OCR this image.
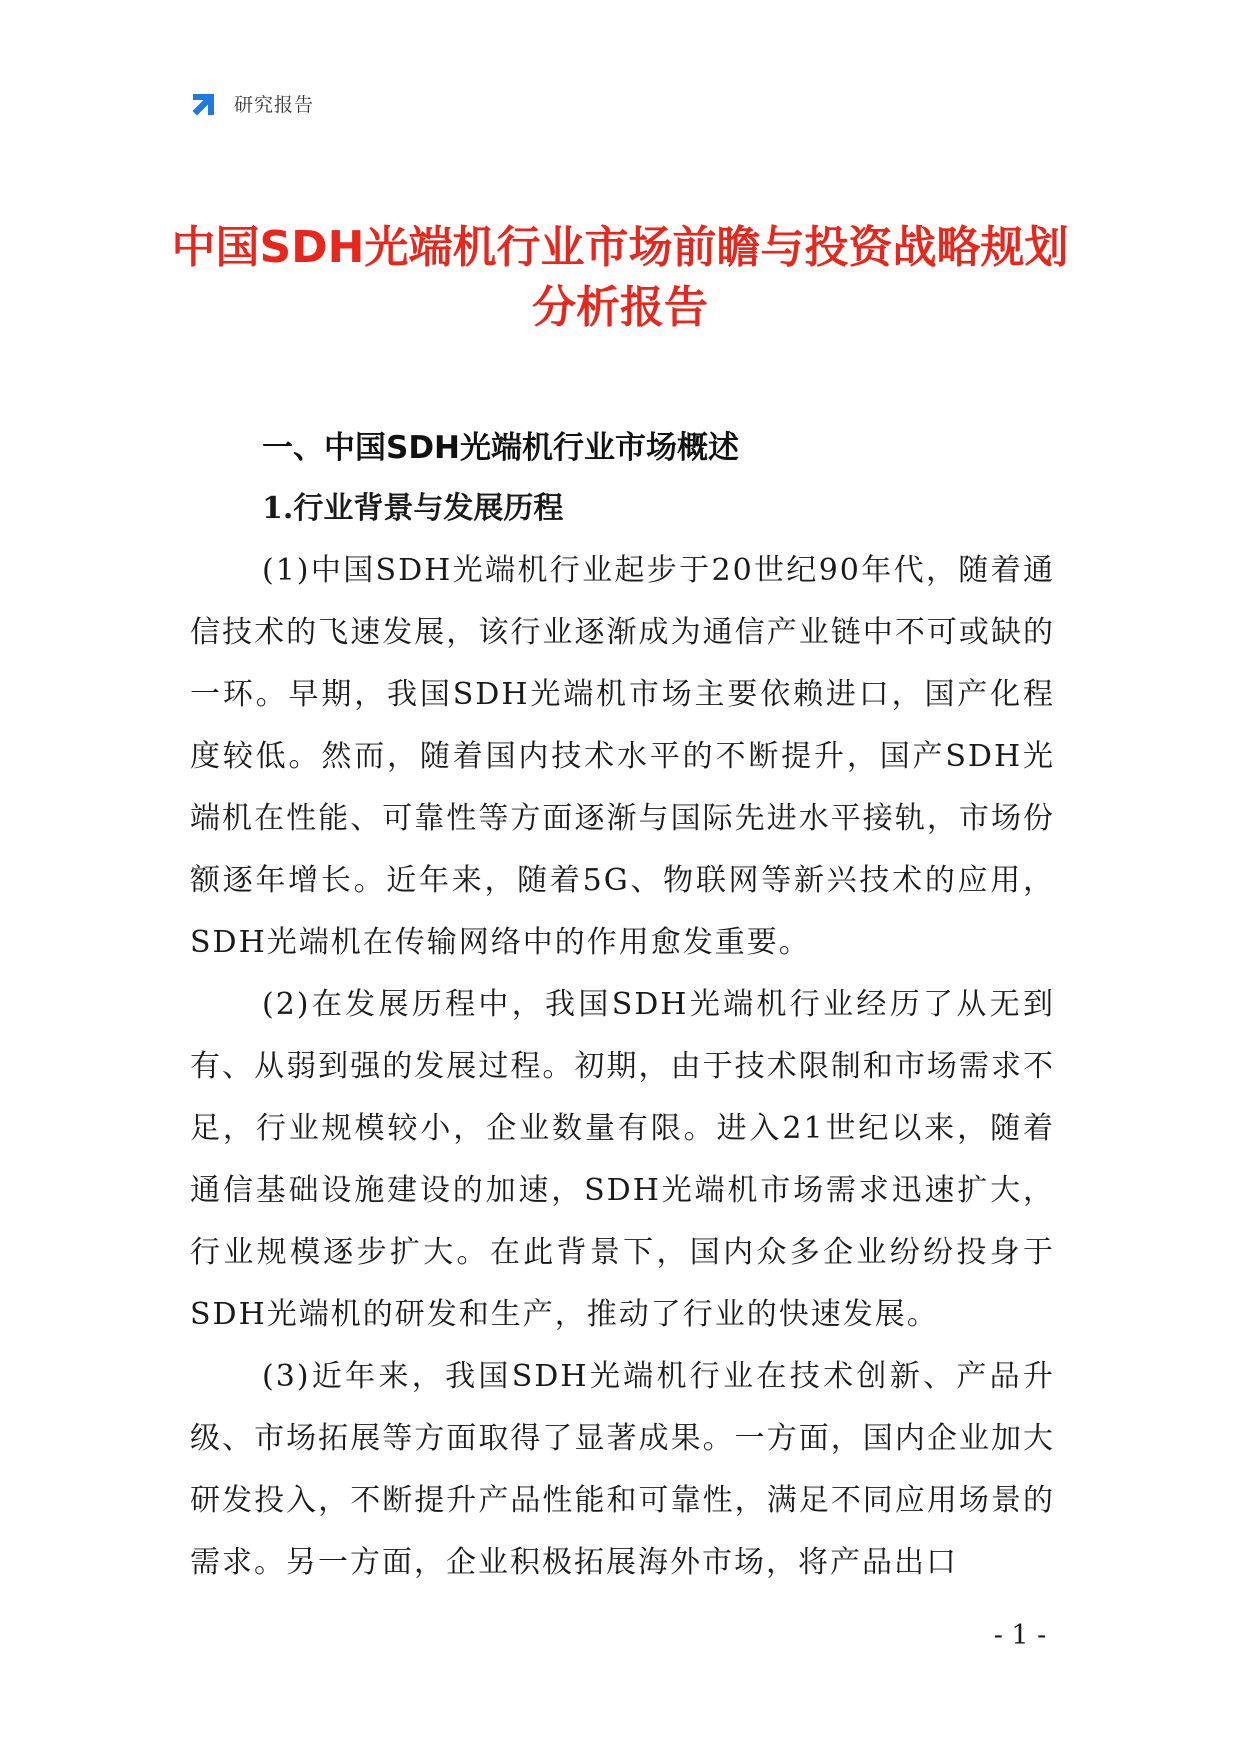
研究报告
中国SDH光端机行业市场前瞻与投资战略规划分析报告
一、中国SDH光端机行业市场概述
1.行业背景与发展历程

(1)中国SDH光端机行业起步于20世纪90年代，随着通信技术的飞速发展，该行业逐渐成为通信产业链中不可或缺的一环。早期，我国SDH光端机市场主要依赖进口，国产化程度较低。然而，随着国内技术水平的不断提升，国产SDH光端机在性能、可靠性等方面逐渐与国际先进水平接轨，市场份额逐年增长。近年来，随着5G、物联网等新兴技术的应用，SDH光端机在传输网络中的作用愈发重要。

(2)在发展历程中，我国SDH光端机行业经历了从无到有、从弱到强的发展过程。初期，由于技术限制和市场需求不足，行业规模较小，企业数量有限。进入21世纪以来，随着通信基础设施建设的加速，SDH光端机市场需求迅速扩大，行业规模逐步扩大。在此背景下，国内众多企业纷纷投身于SDH光端机的研发和生产，推动了行业的快速发展。

(3)近年来，我国SDH光端机行业在技术创新、产品升级、市场拓展等方面取得了显著成果。一方面，国内企业加大研发投入，不断提升产品性能和可靠性，满足不同应用场景的需求。另一方面，企业积极拓展海外市场，将产品出口

- 1 -
